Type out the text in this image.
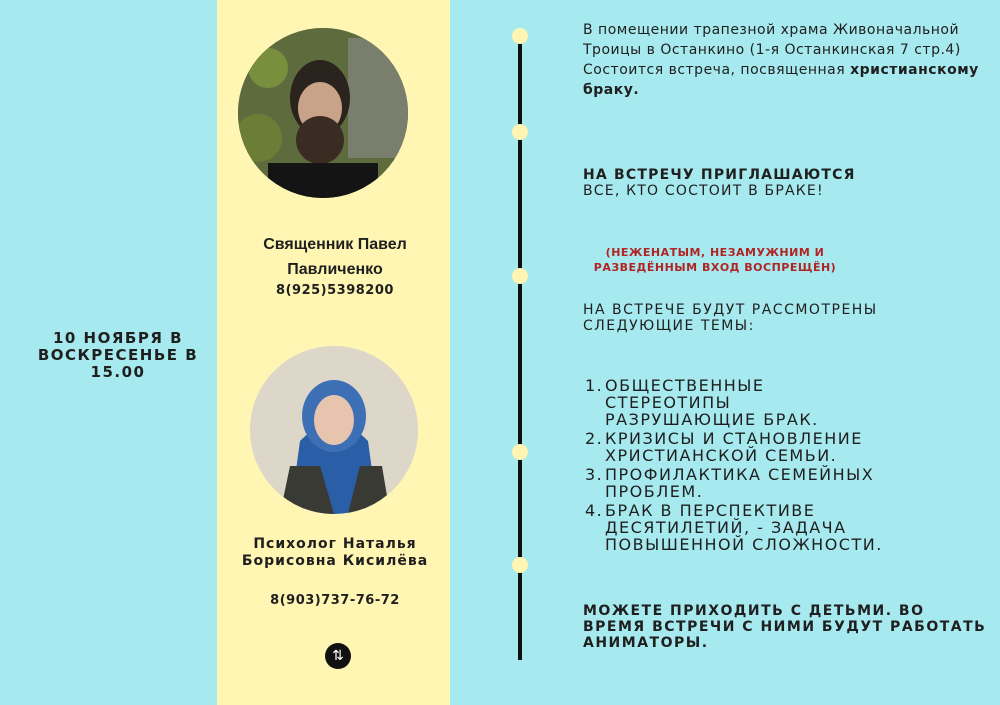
10 НОЯБРЯ В ВОСКРЕСЕНЬЕ В 15.00
Священник Павел Павличенко
8(925)5398200
Психолог Наталья Борисовна Кисилёва
8(903)737-76-72
⇅
В помещении трапезной храма Живоначальной Троицы в Останкино (1-я Останкинская 7 стр.4) Состоится встреча, посвященная христианскому браку.
НА ВСТРЕЧУ ПРИГЛАШАЮТСЯ
ВСЕ, КТО СОСТОИТ В БРАКЕ!
(НЕЖЕНАТЫМ, НЕЗАМУЖНИМ И РАЗВЕДЁННЫМ ВХОД ВОСПРЕЩЁН)
НА ВСТРЕЧЕ БУДУТ РАССМОТРЕНЫ СЛЕДУЮЩИЕ ТЕМЫ:
1. ОБЩЕСТВЕННЫЕ СТЕРЕОТИПЫ РАЗРУШАЮЩИЕ БРАК.
2. КРИЗИСЫ И СТАНОВЛЕНИЕ ХРИСТИАНСКОЙ СЕМЬИ.
3. ПРОФИЛАКТИКА СЕМЕЙНЫХ ПРОБЛЕМ.
4. БРАК В ПЕРСПЕКТИВЕ ДЕСЯТИЛЕТИЙ, - ЗАДАЧА ПОВЫШЕННОЙ СЛОЖНОСТИ.
МОЖЕТЕ ПРИХОДИТЬ С ДЕТЬМИ. ВО ВРЕМЯ ВСТРЕЧИ С НИМИ БУДУТ РАБОТАТЬ АНИМАТОРЫ.
